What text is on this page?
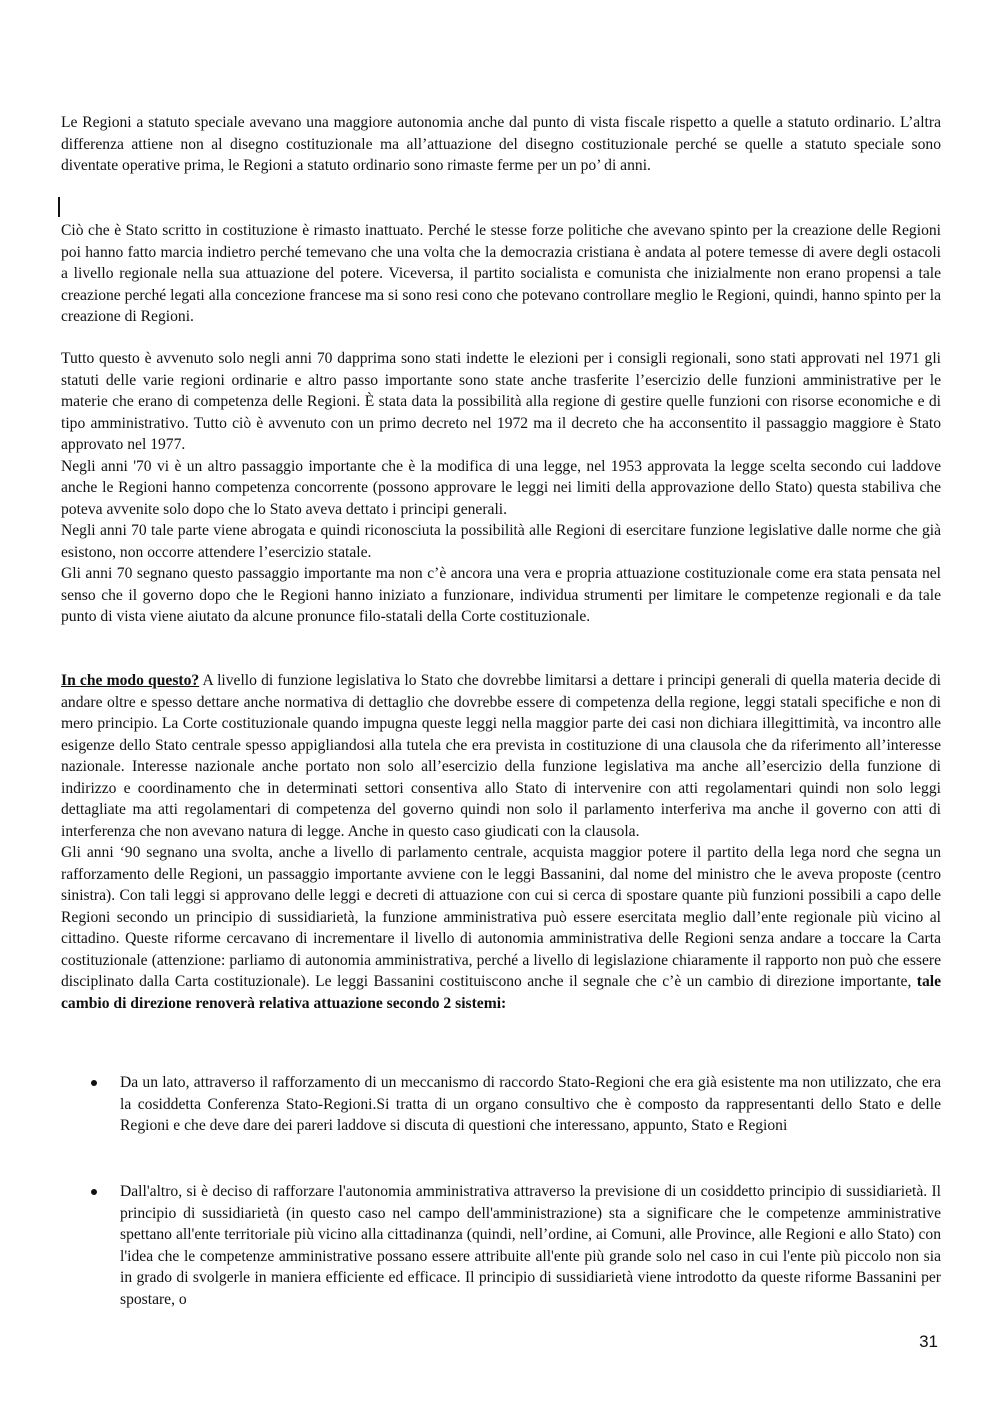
Le Regioni a statuto speciale avevano una maggiore autonomia anche dal punto di vista fiscale rispetto a quelle a statuto ordinario. L’altra differenza attiene non al disegno costituzionale ma all’attuazione del disegno costituzionale perché se quelle a statuto speciale sono diventate operative prima, le Regioni a statuto ordinario sono rimaste ferme per un po’ di anni.

Ciò che è Stato scritto in costituzione è rimasto inattuato. Perché le stesse forze politiche che avevano spinto per la creazione delle Regioni poi hanno fatto marcia indietro perché temevano che una volta che la democrazia cristiana è andata al potere temesse di avere degli ostacoli a livello regionale nella sua attuazione del potere. Viceversa, il partito socialista e comunista che inizialmente non erano propensi a tale creazione perché legati alla concezione francese ma si sono resi cono che potevano controllare meglio le Regioni, quindi, hanno spinto per la creazione di Regioni.

Tutto questo è avvenuto solo negli anni 70 dapprima sono stati indette le elezioni per i consigli regionali, sono stati approvati nel 1971 gli statuti delle varie regioni ordinarie e altro passo importante sono state anche trasferite l’esercizio delle funzioni amministrative per le materie che erano di competenza delle Regioni. È stata data la possibilità alla regione di gestire quelle funzioni con risorse economiche e di tipo amministrativo. Tutto ciò è avvenuto con un primo decreto nel 1972 ma il decreto che ha acconsentito il passaggio maggiore è Stato approvato nel 1977.

Negli anni '70 vi è un altro passaggio importante che è la modifica di una legge, nel 1953 approvata la legge scelta secondo cui laddove anche le Regioni hanno competenza concorrente (possono approvare le leggi nei limiti della approvazione dello Stato) questa stabiliva che poteva avvenite solo dopo che lo Stato aveva dettato i principi generali.

Negli anni 70 tale parte viene abrogata e quindi riconosciuta la possibilità alle Regioni di esercitare funzione legislative dalle norme che già esistono, non occorre attendere l’esercizio statale.

Gli anni 70 segnano questo passaggio importante ma non c’è ancora una vera e propria attuazione costituzionale come era stata pensata nel senso che il governo dopo che le Regioni hanno iniziato a funzionare, individua strumenti per limitare le competenze regionali e da tale punto di vista viene aiutato da alcune pronunce filo-statali della Corte costituzionale.

In che modo questo? A livello di funzione legislativa lo Stato che dovrebbe limitarsi a dettare i principi generali di quella materia decide di andare oltre e spesso dettare anche normativa di dettaglio che dovrebbe essere di competenza della regione, leggi statali specifiche e non di mero principio. La Corte costituzionale quando impugna queste leggi nella maggior parte dei casi non dichiara illegittimità, va incontro alle esigenze dello Stato centrale spesso appigliandosi alla tutela che era prevista in costituzione di una clausola che da riferimento all’interesse nazionale. Interesse nazionale anche portato non solo all’esercizio della funzione legislativa ma anche all’esercizio della funzione di indirizzo e coordinamento che in determinati settori consentiva allo Stato di intervenire con atti regolamentari quindi non solo leggi dettagliate ma atti regolamentari di competenza del governo quindi non solo il parlamento interferiva ma anche il governo con atti di interferenza che non avevano natura di legge. Anche in questo caso giudicati con la clausola.

Gli anni ‘90 segnano una svolta, anche a livello di parlamento centrale, acquista maggior potere il partito della lega nord che segna un rafforzamento delle Regioni, un passaggio importante avviene con le leggi Bassanini, dal nome del ministro che le aveva proposte (centro sinistra). Con tali leggi si approvano delle leggi e decreti di attuazione con cui si cerca di spostare quante più funzioni possibili a capo delle Regioni secondo un principio di sussidiarietà, la funzione amministrativa può essere esercitata meglio dall’ente regionale più vicino al cittadino. Queste riforme cercavano di incrementare il livello di autonomia amministrativa delle Regioni senza andare a toccare la Carta costituzionale (attenzione: parliamo di autonomia amministrativa, perché a livello di legislazione chiaramente il rapporto non può che essere disciplinato dalla Carta costituzionale). Le leggi Bassanini costituiscono anche il segnale che c’è un cambio di direzione importante, tale cambio di direzione renoverà relativa attuazione secondo 2 sistemi:

Da un lato, attraverso il rafforzamento di un meccanismo di raccordo Stato-Regioni che era già esistente ma non utilizzato, che era la cosiddetta Conferenza Stato-Regioni.Si tratta di un organo consultivo che è composto da rappresentanti dello Stato e delle Regioni e che deve dare dei pareri laddove si discuta di questioni che interessano, appunto, Stato e Regioni
Dall'altro, si è deciso di rafforzare l'autonomia amministrativa attraverso la previsione di un cosiddetto principio di sussidiarietà. Il principio di sussidiarietà (in questo caso nel campo dell'amministrazione) sta a significare che le competenze amministrative spettano all'ente territoriale più vicino alla cittadinanza (quindi, nell’ordine, ai Comuni, alle Province, alle Regioni e allo Stato) con l'idea che le competenze amministrative possano essere attribuite all'ente più grande solo nel caso in cui l'ente più piccolo non sia in grado di svolgerle in maniera efficiente ed efficace. Il principio di sussidiarietà viene introdotto da queste riforme Bassanini per spostare, o
31
